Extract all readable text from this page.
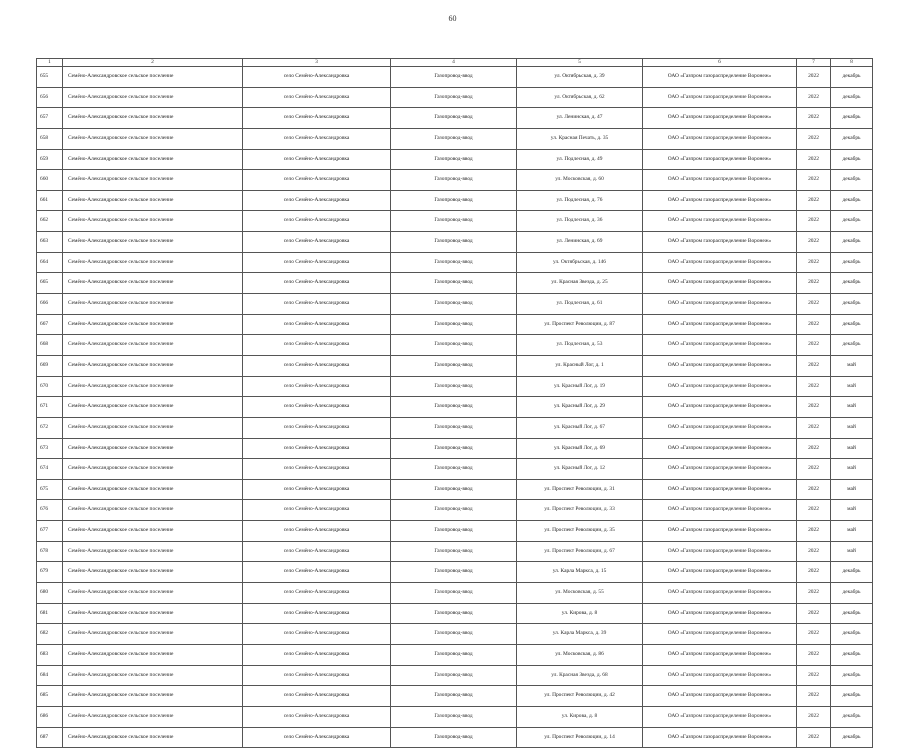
60
1	2	3	4	5	6	7	8
655	Семёно-Александровское сельское поселение	село Семёно-Александровка	Газопровод-ввод	ул. Октябрьская, д. 39	ОАО «Газпром газораспределение Воронеж»	2022	декабрь
656	Семёно-Александровское сельское поселение	село Семёно-Александровка	Газопровод-ввод	ул. Октябрьская, д. 62	ОАО «Газпром газораспределение Воронеж»	2022	декабрь
657	Семёно-Александровское сельское поселение	село Семёно-Александровка	Газопровод-ввод	ул. Ленинская, д. 47	ОАО «Газпром газораспределение Воронеж»	2022	декабрь
658	Семёно-Александровское сельское поселение	село Семёно-Александровка	Газопровод-ввод	ул. Красная Печать, д. 35	ОАО «Газпром газораспределение Воронеж»	2022	декабрь
659	Семёно-Александровское сельское поселение	село Семёно-Александровка	Газопровод-ввод	ул. Подлесная, д. 49	ОАО «Газпром газораспределение Воронеж»	2022	декабрь
660	Семёно-Александровское сельское поселение	село Семёно-Александровка	Газопровод-ввод	ул. Московская, д. 60	ОАО «Газпром газораспределение Воронеж»	2022	декабрь
661	Семёно-Александровское сельское поселение	село Семёно-Александровка	Газопровод-ввод	ул. Подлесная, д. 76	ОАО «Газпром газораспределение Воронеж»	2022	декабрь
662	Семёно-Александровское сельское поселение	село Семёно-Александровка	Газопровод-ввод	ул. Подлесная, д. 36	ОАО «Газпром газораспределение Воронеж»	2022	декабрь
663	Семёно-Александровское сельское поселение	село Семёно-Александровка	Газопровод-ввод	ул. Ленинская, д. 69	ОАО «Газпром газораспределение Воронеж»	2022	декабрь
664	Семёно-Александровское сельское поселение	село Семёно-Александровка	Газопровод-ввод	ул. Октябрьская, д. 146	ОАО «Газпром газораспределение Воронеж»	2022	декабрь
665	Семёно-Александровское сельское поселение	село Семёно-Александровка	Газопровод-ввод	ул. Красная Звезда, д. 25	ОАО «Газпром газораспределение Воронеж»	2022	декабрь
666	Семёно-Александровское сельское поселение	село Семёно-Александровка	Газопровод-ввод	ул. Подлесная, д. 61	ОАО «Газпром газораспределение Воронеж»	2022	декабрь
667	Семёно-Александровское сельское поселение	село Семёно-Александровка	Газопровод-ввод	ул. Проспект Революции, д. 87	ОАО «Газпром газораспределение Воронеж»	2022	декабрь
668	Семёно-Александровское сельское поселение	село Семёно-Александровка	Газопровод-ввод	ул. Подлесная, д. 53	ОАО «Газпром газораспределение Воронеж»	2022	декабрь
669	Семёно-Александровское сельское поселение	село Семёно-Александровка	Газопровод-ввод	ул. Красный Лог, д. 1	ОАО «Газпром газораспределение Воронеж»	2022	май
670	Семёно-Александровское сельское поселение	село Семёно-Александровка	Газопровод-ввод	ул. Красный Лог, д. 19	ОАО «Газпром газораспределение Воронеж»	2022	май
671	Семёно-Александровское сельское поселение	село Семёно-Александровка	Газопровод-ввод	ул. Красный Лог, д. 29	ОАО «Газпром газораспределение Воронеж»	2022	май
672	Семёно-Александровское сельское поселение	село Семёно-Александровка	Газопровод-ввод	ул. Красный Лог, д. 67	ОАО «Газпром газораспределение Воронеж»	2022	май
673	Семёно-Александровское сельское поселение	село Семёно-Александровка	Газопровод-ввод	ул. Красный Лог, д. 69	ОАО «Газпром газораспределение Воронеж»	2022	май
674	Семёно-Александровское сельское поселение	село Семёно-Александровка	Газопровод-ввод	ул. Красный Лог, д. 12	ОАО «Газпром газораспределение Воронеж»	2022	май
675	Семёно-Александровское сельское поселение	село Семёно-Александровка	Газопровод-ввод	ул. Проспект Революции, д. 31	ОАО «Газпром газораспределение Воронеж»	2022	май
676	Семёно-Александровское сельское поселение	село Семёно-Александровка	Газопровод-ввод	ул. Проспект Революции, д. 33	ОАО «Газпром газораспределение Воронеж»	2022	май
677	Семёно-Александровское сельское поселение	село Семёно-Александровка	Газопровод-ввод	ул. Проспект Революции, д. 35	ОАО «Газпром газораспределение Воронеж»	2022	май
678	Семёно-Александровское сельское поселение	село Семёно-Александровка	Газопровод-ввод	ул. Проспект Революции, д. 67	ОАО «Газпром газораспределение Воронеж»	2022	май
679	Семёно-Александровское сельское поселение	село Семёно-Александровка	Газопровод-ввод	ул. Карла Маркса, д. 15	ОАО «Газпром газораспределение Воронеж»	2022	декабрь
680	Семёно-Александровское сельское поселение	село Семёно-Александровка	Газопровод-ввод	ул. Московская, д. 55	ОАО «Газпром газораспределение Воронеж»	2022	декабрь
681	Семёно-Александровское сельское поселение	село Семёно-Александровка	Газопровод-ввод	ул. Кирова, д. 8	ОАО «Газпром газораспределение Воронеж»	2022	декабрь
682	Семёно-Александровское сельское поселение	село Семёно-Александровка	Газопровод-ввод	ул. Карла Маркса, д. 39	ОАО «Газпром газораспределение Воронеж»	2022	декабрь
683	Семёно-Александровское сельское поселение	село Семёно-Александровка	Газопровод-ввод	ул. Московская, д. 86	ОАО «Газпром газораспределение Воронеж»	2022	декабрь
684	Семёно-Александровское сельское поселение	село Семёно-Александровка	Газопровод-ввод	ул. Красная Звезда, д. 68	ОАО «Газпром газораспределение Воронеж»	2022	декабрь
685	Семёно-Александровское сельское поселение	село Семёно-Александровка	Газопровод-ввод	ул. Проспект Революции, д. 42	ОАО «Газпром газораспределение Воронеж»	2022	декабрь
686	Семёно-Александровское сельское поселение	село Семёно-Александровка	Газопровод-ввод	ул. Кирова, д. 8	ОАО «Газпром газораспределение Воронеж»	2022	декабрь
687	Семёно-Александровское сельское поселение	село Семёно-Александровка	Газопровод-ввод	ул. Проспект Революции, д. 14	ОАО «Газпром газораспределение Воронеж»	2022	декабрь
